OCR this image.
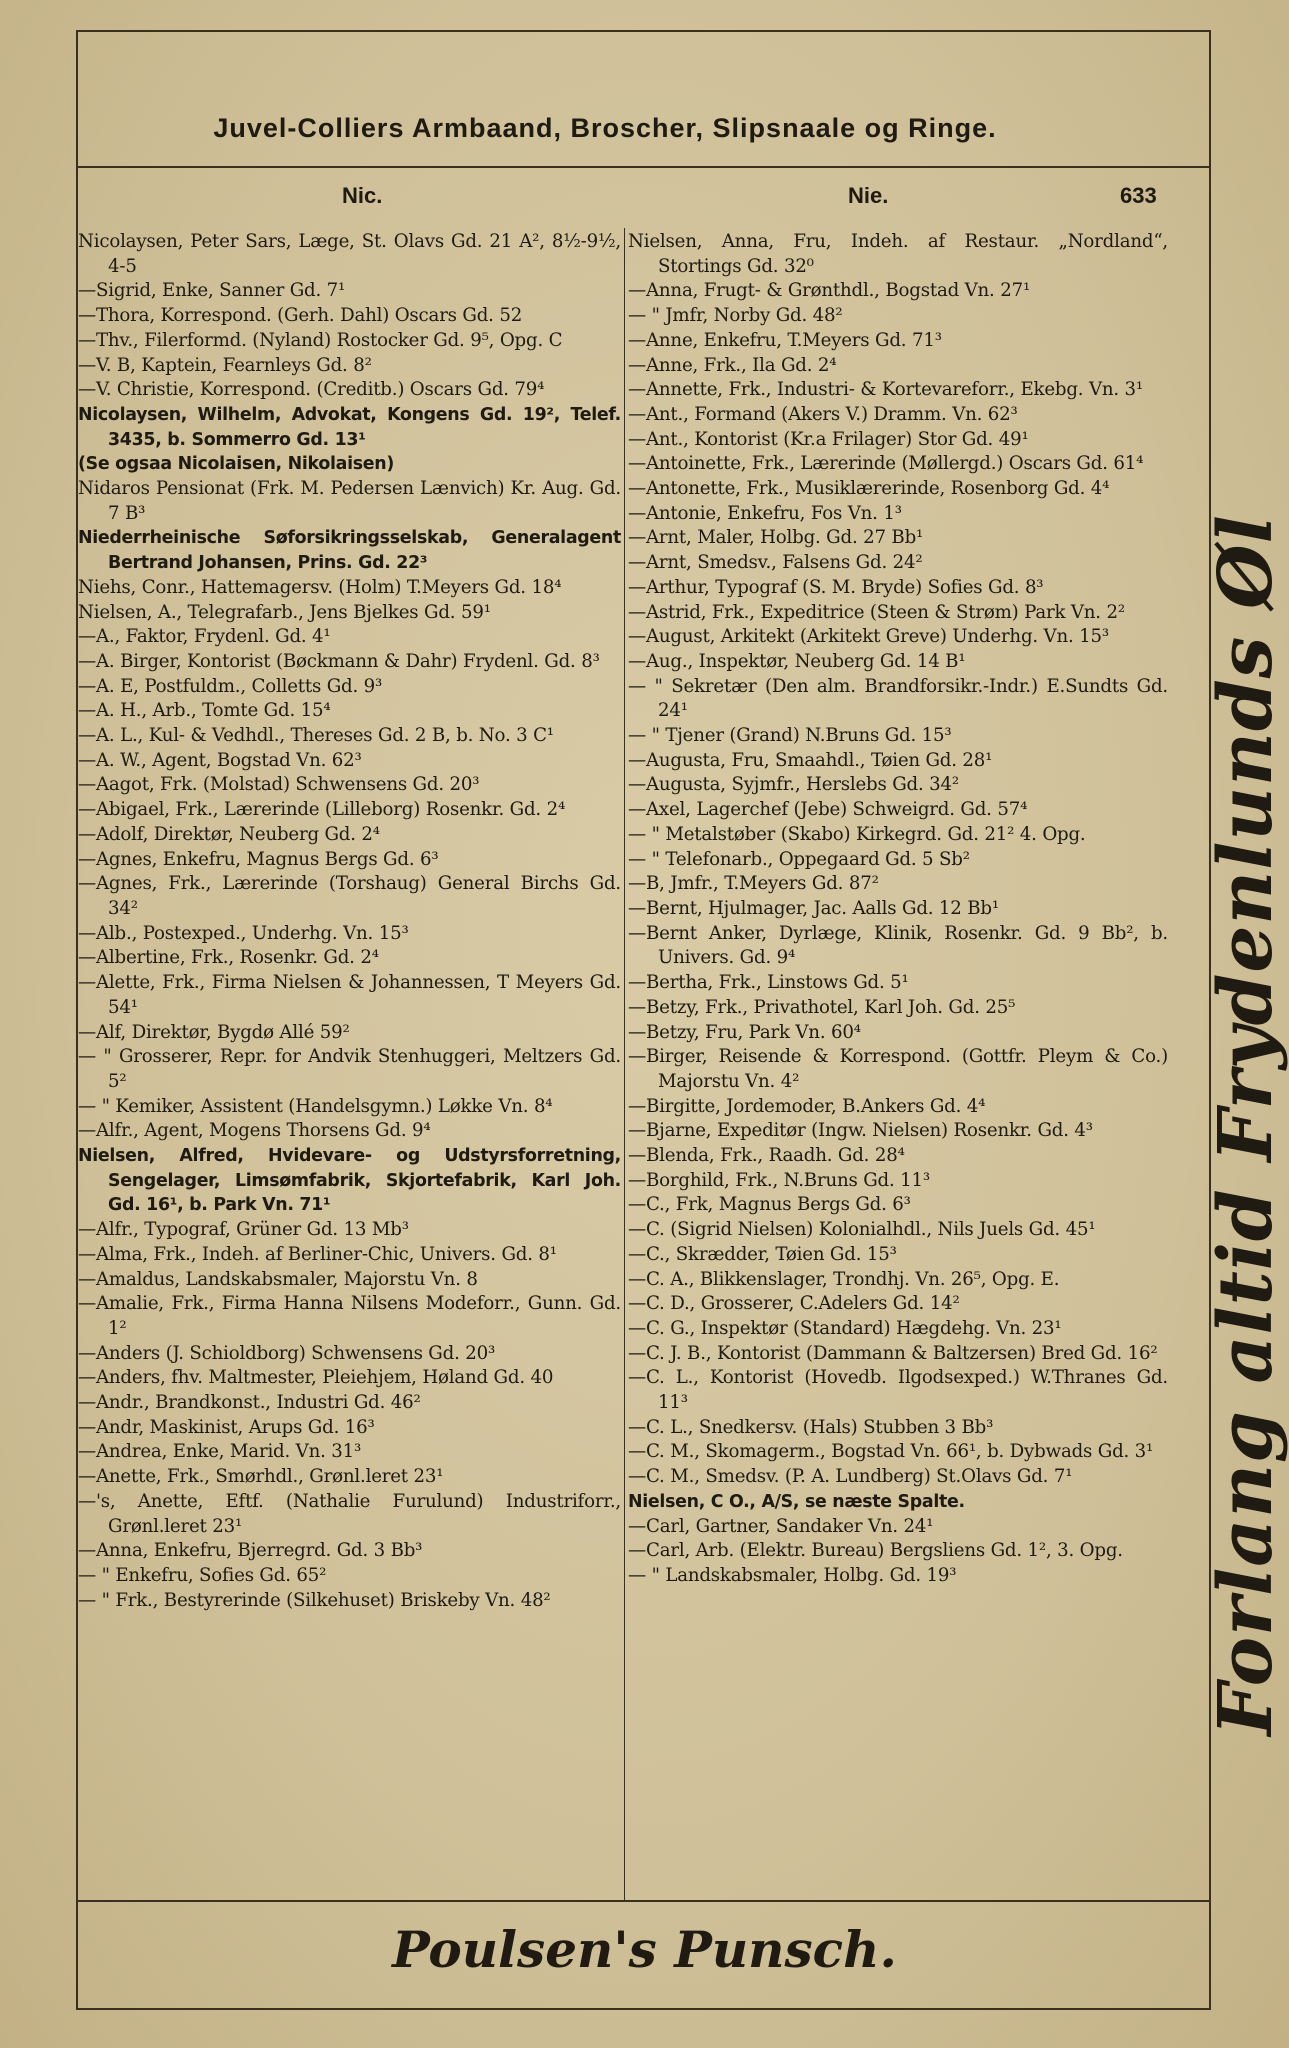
Juvel-Colliers Armbaand, Broscher, Slipsnaale og Ringe.
Nic.	Nie.	633

Nicolaysen, Peter Sars, Læge, St. Olavs Gd. 21 A², 8½-9½, 4-5

—Sigrid, Enke, Sanner Gd. 7¹

—Thora, Korrespond. (Gerh. Dahl) Oscars Gd. 52

—Thv., Filerformd. (Nyland) Rostocker Gd. 9⁵, Opg. C

—V. B, Kaptein, Fearnleys Gd. 8²

—V. Christie, Korrespond. (Creditb.) Oscars Gd. 79⁴

Nicolaysen, Wilhelm, Advokat, Kongens Gd. 19², Telef. 3435, b. Sommerro Gd. 13¹

(Se ogsaa Nicolaisen, Nikolaisen)

Nidaros Pensionat (Frk. M. Pedersen Lænvich) Kr. Aug. Gd. 7 B³

Niederrheinische Søforsikringsselskab, Generalagent Bertrand Johansen, Prins. Gd. 22³

Niehs, Conr., Hattemagersv. (Holm) T.Meyers Gd. 18⁴

Nielsen, A., Telegrafarb., Jens Bjelkes Gd. 59¹

—A., Faktor, Frydenl. Gd. 4¹

—A. Birger, Kontorist (Bøckmann & Dahr) Frydenl. Gd. 8³

—A. E, Postfuldm., Colletts Gd. 9³

—A. H., Arb., Tomte Gd. 15⁴

—A. L., Kul- & Vedhdl., Thereses Gd. 2 B, b. No. 3 C¹

—A. W., Agent, Bogstad Vn. 62³

—Aagot, Frk. (Molstad) Schwensens Gd. 20³

—Abigael, Frk., Lærerinde (Lilleborg) Rosenkr. Gd. 2⁴

—Adolf, Direktør, Neuberg Gd. 2⁴

—Agnes, Enkefru, Magnus Bergs Gd. 6³

—Agnes, Frk., Lærerinde (Torshaug) General Birchs Gd. 34²

—Alb., Postexped., Underhg. Vn. 15³

—Albertine, Frk., Rosenkr. Gd. 2⁴

—Alette, Frk., Firma Nielsen & Johannessen, T Meyers Gd. 54¹

—Alf, Direktør, Bygdø Allé 59²

— " Grosserer, Repr. for Andvik Stenhuggeri, Meltzers Gd. 5²

— " Kemiker, Assistent (Handelsgymn.) Løkke Vn. 8⁴

—Alfr., Agent, Mogens Thorsens Gd. 9⁴

Nielsen, Alfred, Hvidevare- og Udstyrsforretning, Sengelager, Limsømfabrik, Skjortefabrik, Karl Joh. Gd. 16¹, b. Park Vn. 71¹

—Alfr., Typograf, Grüner Gd. 13 Mb³

—Alma, Frk., Indeh. af Berliner-Chic, Univers. Gd. 8¹

—Amaldus, Landskabsmaler, Majorstu Vn. 8

—Amalie, Frk., Firma Hanna Nilsens Modeforr., Gunn. Gd. 1²

—Anders (J. Schioldborg) Schwensens Gd. 20³

—Anders, fhv. Maltmester, Pleiehjem, Høland Gd. 40

—Andr., Brandkonst., Industri Gd. 46²

—Andr, Maskinist, Arups Gd. 16³

—Andrea, Enke, Marid. Vn. 31³

—Anette, Frk., Smørhdl., Grønl.leret 23¹

—'s, Anette, Eftf. (Nathalie Furulund) Industriforr., Grønl.leret 23¹

—Anna, Enkefru, Bjerregrd. Gd. 3 Bb³

— " Enkefru, Sofies Gd. 65²

— " Frk., Bestyrerinde (Silkehuset) Briskeby Vn. 48²

Nielsen, Anna, Fru, Indeh. af Restaur. „Nordland“, Stortings Gd. 32⁰

—Anna, Frugt- & Grønthdl., Bogstad Vn. 27¹

— " Jmfr, Norby Gd. 48²

—Anne, Enkefru, T.Meyers Gd. 71³

—Anne, Frk., Ila Gd. 2⁴

—Annette, Frk., Industri- & Kortevareforr., Ekebg. Vn. 3¹

—Ant., Formand (Akers V.) Dramm. Vn. 62³

—Ant., Kontorist (Kr.a Frilager) Stor Gd. 49¹

—Antoinette, Frk., Lærerinde (Møllergd.) Oscars Gd. 61⁴

—Antonette, Frk., Musiklærerinde, Rosenborg Gd. 4⁴

—Antonie, Enkefru, Fos Vn. 1³

—Arnt, Maler, Holbg. Gd. 27 Bb¹

—Arnt, Smedsv., Falsens Gd. 24²

—Arthur, Typograf (S. M. Bryde) Sofies Gd. 8³

—Astrid, Frk., Expeditrice (Steen & Strøm) Park Vn. 2²

—August, Arkitekt (Arkitekt Greve) Underhg. Vn. 15³

—Aug., Inspektør, Neuberg Gd. 14 B¹

— " Sekretær (Den alm. Brandforsikr.-Indr.) E.Sundts Gd. 24¹

— " Tjener (Grand) N.Bruns Gd. 15³

—Augusta, Fru, Smaahdl., Tøien Gd. 28¹

—Augusta, Syjmfr., Herslebs Gd. 34²

—Axel, Lagerchef (Jebe) Schweigrd. Gd. 57⁴

— " Metalstøber (Skabo) Kirkegrd. Gd. 21² 4. Opg.

— " Telefonarb., Oppegaard Gd. 5 Sb²

—B, Jmfr., T.Meyers Gd. 87²

—Bernt, Hjulmager, Jac. Aalls Gd. 12 Bb¹

—Bernt Anker, Dyrlæge, Klinik, Rosenkr. Gd. 9 Bb², b. Univers. Gd. 9⁴

—Bertha, Frk., Linstows Gd. 5¹

—Betzy, Frk., Privathotel, Karl Joh. Gd. 25⁵

—Betzy, Fru, Park Vn. 60⁴

—Birger, Reisende & Korrespond. (Gottfr. Pleym & Co.) Majorstu Vn. 4²

—Birgitte, Jordemoder, B.Ankers Gd. 4⁴

—Bjarne, Expeditør (Ingw. Nielsen) Rosenkr. Gd. 4³

—Blenda, Frk., Raadh. Gd. 28⁴

—Borghild, Frk., N.Bruns Gd. 11³

—C., Frk, Magnus Bergs Gd. 6³

—C. (Sigrid Nielsen) Kolonialhdl., Nils Juels Gd. 45¹

—C., Skrædder, Tøien Gd. 15³

—C. A., Blikkenslager, Trondhj. Vn. 26⁵, Opg. E.

—C. D., Grosserer, C.Adelers Gd. 14²

—C. G., Inspektør (Standard) Hægdehg. Vn. 23¹

—C. J. B., Kontorist (Dammann & Baltzersen) Bred Gd. 16²

—C. L., Kontorist (Hovedb. Ilgodsexped.) W.Thranes Gd. 11³

—C. L., Snedkersv. (Hals) Stubben 3 Bb³

—C. M., Skomagerm., Bogstad Vn. 66¹, b. Dybwads Gd. 3¹

—C. M., Smedsv. (P. A. Lundberg) St.Olavs Gd. 7¹

Nielsen, C O., A/S, se næste Spalte.

—Carl, Gartner, Sandaker Vn. 24¹

—Carl, Arb. (Elektr. Bureau) Bergsliens Gd. 1², 3. Opg.

— " Landskabsmaler, Holbg. Gd. 19³	Forlang altid Frydenlunds Øl
Poulsen's Punsch.
